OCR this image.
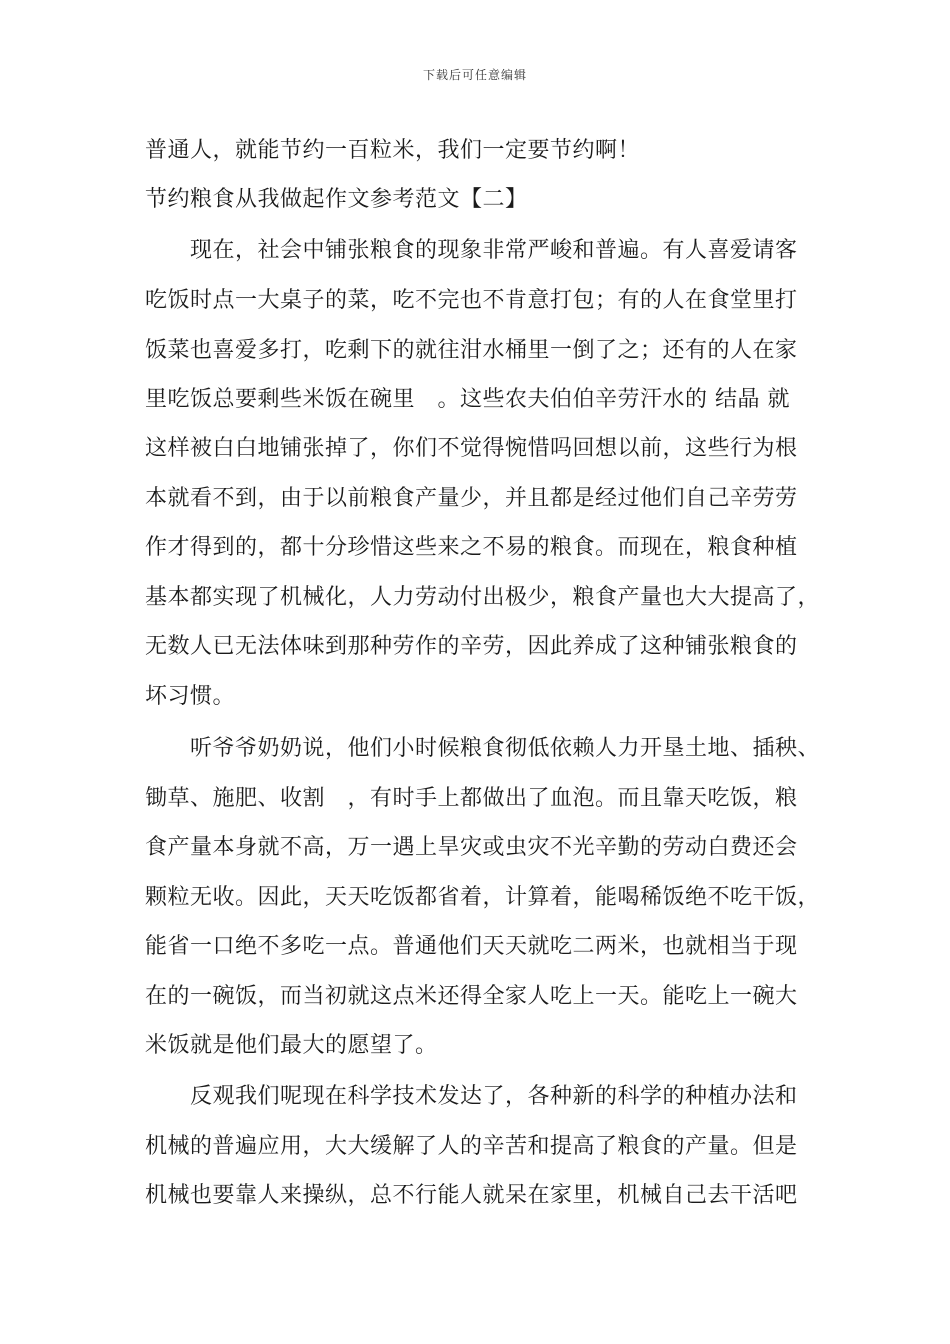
下载后可任意编辑
普通人，就能节约一百粒米，我们一定要节约啊！
节约粮食从我做起作文参考范文【二】
现在，社会中铺张粮食的现象非常严峻和普遍。有人喜爱请客
吃饭时点一大桌子的菜，吃不完也不肯意打包；有的人在食堂里打
饭菜也喜爱多打，吃剩下的就往泔水桶里一倒了之；还有的人在家
里吃饭总要剩些米饭在碗里　。这些农夫伯伯辛劳汗水的 结晶 就
这样被白白地铺张掉了，你们不觉得惋惜吗回想以前，这些行为根
本就看不到，由于以前粮食产量少，并且都是经过他们自己辛劳劳
作才得到的，都十分珍惜这些来之不易的粮食。而现在，粮食种植
基本都实现了机械化，人力劳动付出极少，粮食产量也大大提高了，
无数人已无法体味到那种劳作的辛劳，因此养成了这种铺张粮食的
坏习惯。
听爷爷奶奶说，他们小时候粮食彻低依赖人力开垦土地、插秧、
锄草、施肥、收割　，有时手上都做出了血泡。而且靠天吃饭，粮
食产量本身就不高，万一遇上旱灾或虫灾不光辛勤的劳动白费还会
颗粒无收。因此，天天吃饭都省着，计算着，能喝稀饭绝不吃干饭，
能省一口绝不多吃一点。普通他们天天就吃二两米，也就相当于现
在的一碗饭，而当初就这点米还得全家人吃上一天。能吃上一碗大
米饭就是他们最大的愿望了。
反观我们呢现在科学技术发达了，各种新的科学的种植办法和
机械的普遍应用，大大缓解了人的辛苦和提高了粮食的产量。但是
机械也要靠人来操纵，总不行能人就呆在家里，机械自己去干活吧
